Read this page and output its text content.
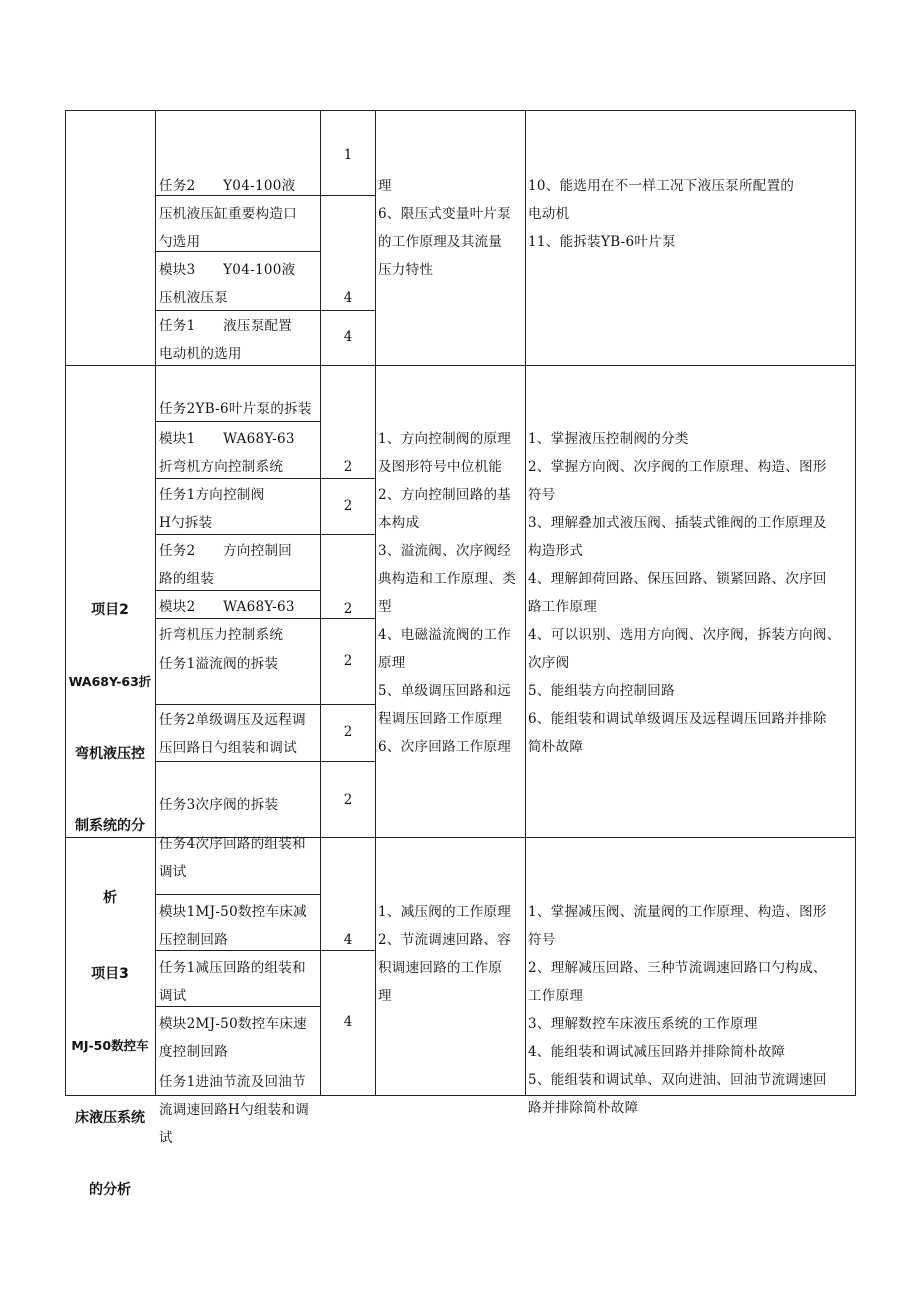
任务2　　Y04-100液
压机液压缸重要构造口
勺选用

1

模块3　　Y04-100液
压机液压泵

任务1　　液压泵配置
电动机的选用

4

任务2YB-6叶片泵的拆装

4

理
6、限压式变量叶片泵
的工作原理及其流量
压力特性

10、能选用在不一样工况下液压泵所配置的
电动机
11、能拆装YB-6叶片泵

项目2

WA68Y-63折

弯机液压控

制系统的分

析

模块1　　WA68Y-63
折弯机方向控制系统

任务1方向控制阀
H勺拆装

2

任务2　　方向控制回
路的组装

2

模块2　　WA68Y-63
折弯机压力控制系统

任务1溢流阀的拆装

2

任务2单级调压及远程调
压回路日勺组装和调试

2

任务3次序阀的拆装

2

任务4次序回路的组装和
调试

2

1、方向控制阀的原理
及图形符号中位机能
2、方向控制回路的基
本构成
3、溢流阀、次序阀经
典构造和工作原理、类
型
4、电磁溢流阀的工作
原理
5、单级调压回路和远
程调压回路工作原理
6、次序回路工作原理

1、掌握液压控制阀的分类
2、掌握方向阀、次序阀的工作原理、构造、图形
符号
3、理解叠加式液压阀、插装式锥阀的工作原理及
构造形式
4、理解卸荷回路、保压回路、锁紧回路、次序回
路工作原理
4、可以识别、选用方向阀、次序阀，拆装方向阀、
次序阀
5、能组装方向控制回路
6、能组装和调试单级调压及远程调压回路并排除
简朴故障

项目3

MJ-50数控车

床液压系统

的分析

模块1MJ-50数控车床减
压控制回路

任务1减压回路的组装和
调试

4

模块2MJ-50数控车床速
度控制回路

任务1进油节流及回油节
流调速回路H勺组装和调
试

4

1、减压阀的工作原理
2、节流调速回路、容
积调速回路的工作原
理

1、掌握减压阀、流量阀的工作原理、构造、图形
符号
2、理解减压回路、三种节流调速回路口勺构成、
工作原理
3、理解数控车床液压系统的工作原理
4、能组装和调试减压回路并排除简朴故障
5、能组装和调试单、双向进油、回油节流调速回
路并排除简朴故障
